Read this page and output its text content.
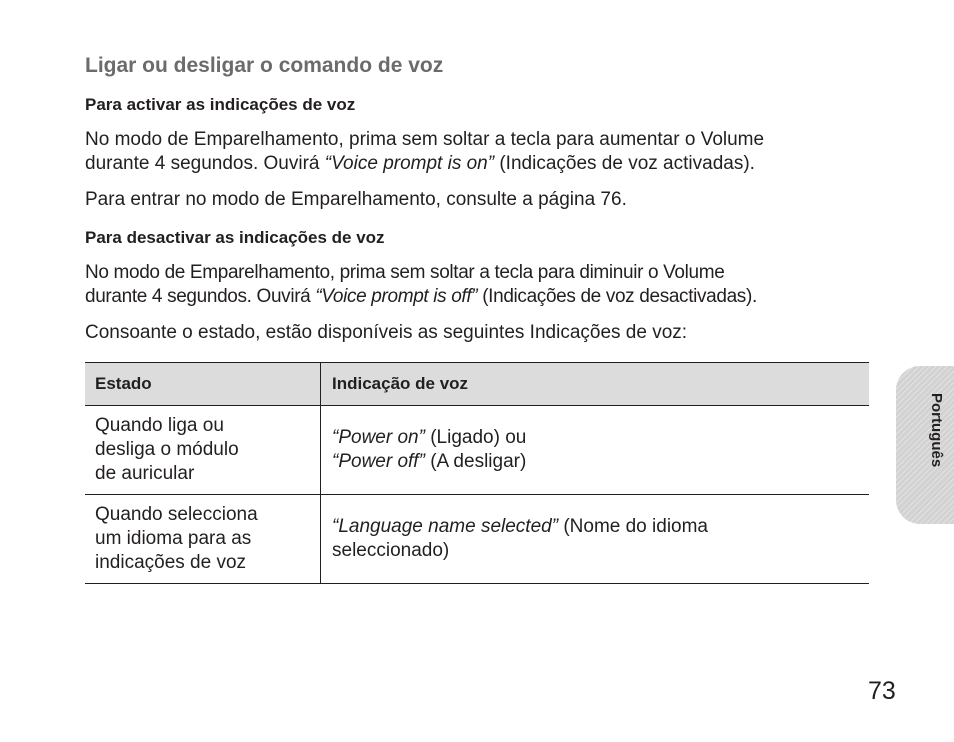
Ligar ou desligar o comando de voz
Para activar as indicações de voz
No modo de Emparelhamento, prima sem soltar a tecla para aumentar o Volume
durante 4 segundos. Ouvirá “Voice prompt is on” (Indicações de voz activadas).
Para entrar no modo de Emparelhamento, consulte a página 76.
Para desactivar as indicações de voz
No modo de Emparelhamento, prima sem soltar a tecla para diminuir o Volume
durante 4 segundos. Ouvirá “Voice prompt is off” (Indicações de voz desactivadas).
Consoante o estado, estão disponíveis as seguintes Indicações de voz:
Estado	Indicação de voz

Quando liga ou
desliga o módulo
de auricular	“Power on” (Ligado) ou
“Power off” (A desligar)

Quando selecciona
um idioma para as
indicações de voz	“Language name selected” (Nome do idioma
seleccionado)
Português
73
